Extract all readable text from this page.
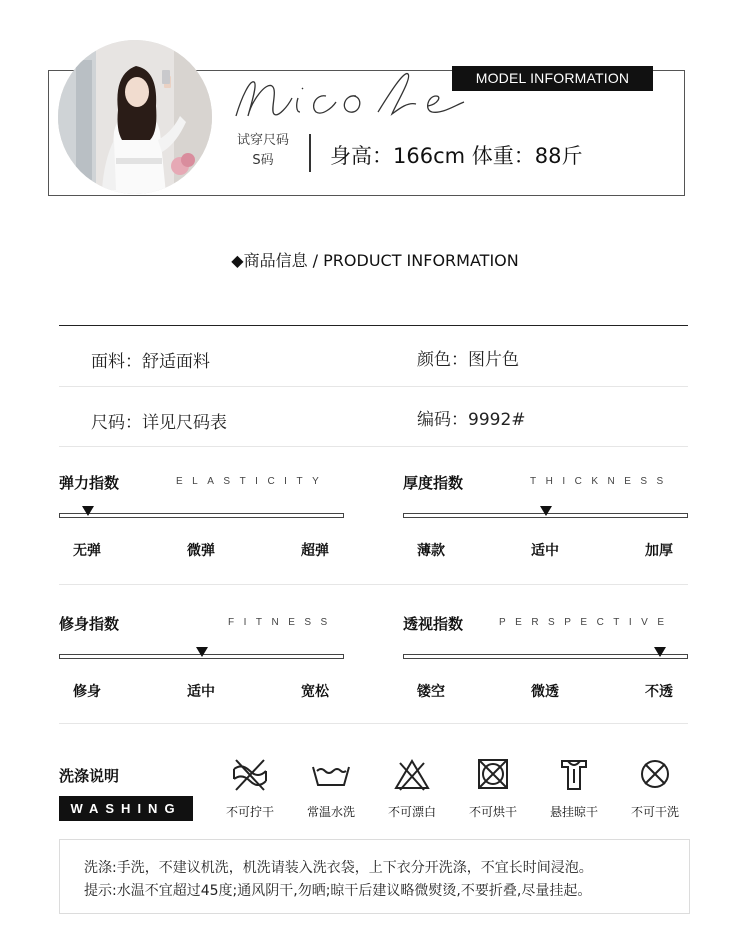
MODEL INFORMATION
试穿尺码
S码	身高：166cm 体重：88斤
◆商品信息 / PRODUCT INFORMATION
面料：舒适面料	颜色：图片色
尺码：详见尺码表	编码：9992#
弹力指数	ELASTICITY
无弹	微弹	超弹
厚度指数	THICKNESS
薄款	适中	加厚
修身指数	FITNESS
修身	适中	宽松
透视指数	PERSPECTIVE
镂空	微透	不透
洗涤说明
WASHING	不可拧干	常温水洗	不可漂白	不可烘干	悬挂晾干	不可干洗
洗涤:手洗，不建议机洗，机洗请装入洗衣袋，上下衣分开洗涤，不宜长时间浸泡。
提示:水温不宜超过45度;通风阴干,勿晒;晾干后建议略微熨烫,不要折叠,尽量挂起。
